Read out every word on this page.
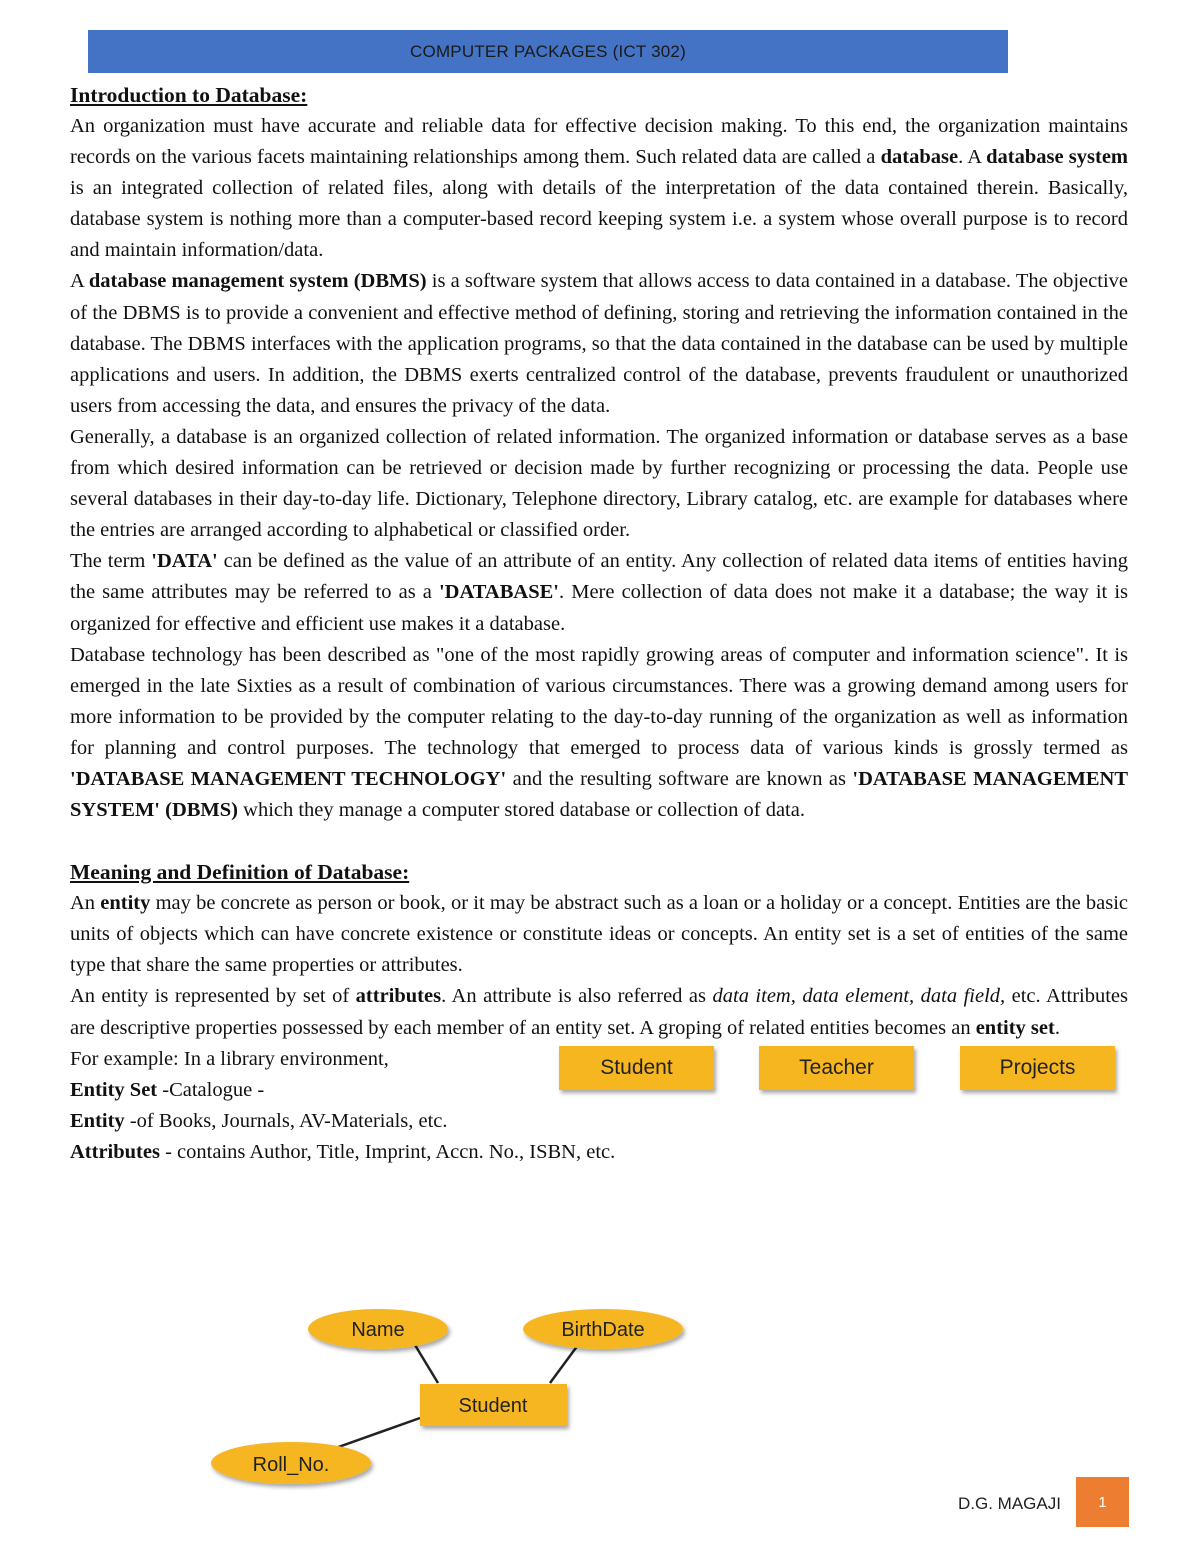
COMPUTER PACKAGES (ICT 302)
Introduction to Database:

An organization must have accurate and reliable data for effective decision making. To this end, the organization maintains records on the various facets maintaining relationships among them. Such related data are called a database. A database system is an integrated collection of related files, along with details of the interpretation of the data contained therein. Basically, database system is nothing more than a computer-based record keeping system i.e. a system whose overall purpose is to record and maintain information/data.

A database management system (DBMS) is a software system that allows access to data contained in a database. The objective of the DBMS is to provide a convenient and effective method of defining, storing and retrieving the information contained in the database. The DBMS interfaces with the application programs, so that the data contained in the database can be used by multiple applications and users. In addition, the DBMS exerts centralized control of the database, prevents fraudulent or unauthorized users from accessing the data, and ensures the privacy of the data.

Generally, a database is an organized collection of related information. The organized information or database serves as a base from which desired information can be retrieved or decision made by further recognizing or processing the data. People use several databases in their day-to-day life. Dictionary, Telephone directory, Library catalog, etc. are example for databases where the entries are arranged according to alphabetical or classified order.

The term 'DATA' can be defined as the value of an attribute of an entity. Any collection of related data items of entities having the same attributes may be referred to as a 'DATABASE'. Mere collection of data does not make it a database; the way it is organized for effective and efficient use makes it a database.

Database technology has been described as "one of the most rapidly growing areas of computer and information science". It is emerged in the late Sixties as a result of combination of various circumstances. There was a growing demand among users for more information to be provided by the computer relating to the day-to-day running of the organization as well as information for planning and control purposes. The technology that emerged to process data of various kinds is grossly termed as 'DATABASE MANAGEMENT TECHNOLOGY' and the resulting software are known as 'DATABASE MANAGEMENT SYSTEM' (DBMS) which they manage a computer stored database or collection of data.

Meaning and Definition of Database:

An entity may be concrete as person or book, or it may be abstract such as a loan or a holiday or a concept. Entities are the basic units of objects which can have concrete existence or constitute ideas or concepts. An entity set is a set of entities of the same type that share the same properties or attributes.

An entity is represented by set of attributes. An attribute is also referred as data item, data element, data field, etc. Attributes are descriptive properties possessed by each member of an entity set. A groping of related entities becomes an entity set.

For example: In a library environment,

Entity Set -Catalogue -

Entity -of Books, Journals, AV-Materials, etc.

Attributes - contains Author, Title, Imprint, Accn. No., ISBN, etc.

Student	Teacher	Projects
Name	BirthDate
Student
Roll_No.
D.G. MAGAJI 1
